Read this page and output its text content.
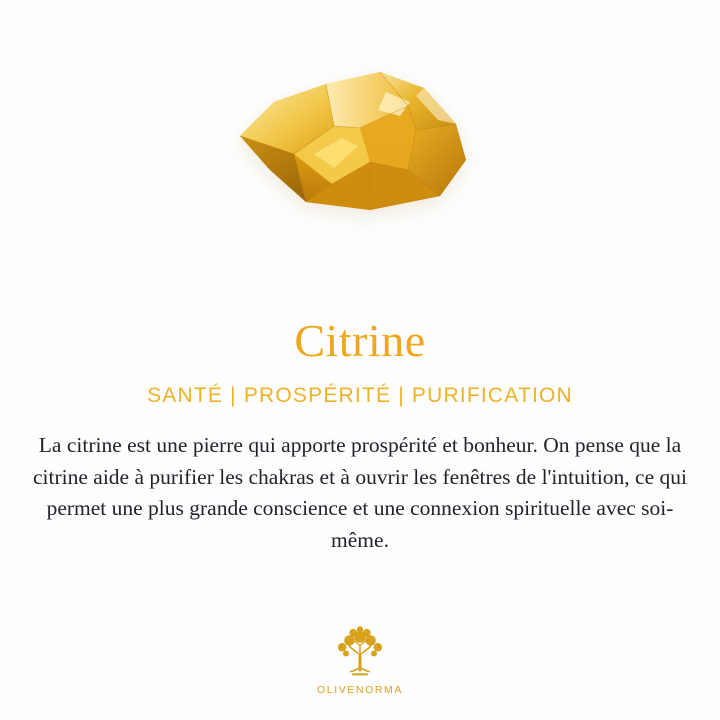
Citrine
SANTÉ | PROSPÉRITÉ | PURIFICATION
La citrine est une pierre qui apporte prospérité et bonheur. On pense que la citrine aide à purifier les chakras et à ouvrir les fenêtres de l'intuition, ce qui permet une plus grande conscience et une connexion spirituelle avec soi-même.
OLIVENORMA
